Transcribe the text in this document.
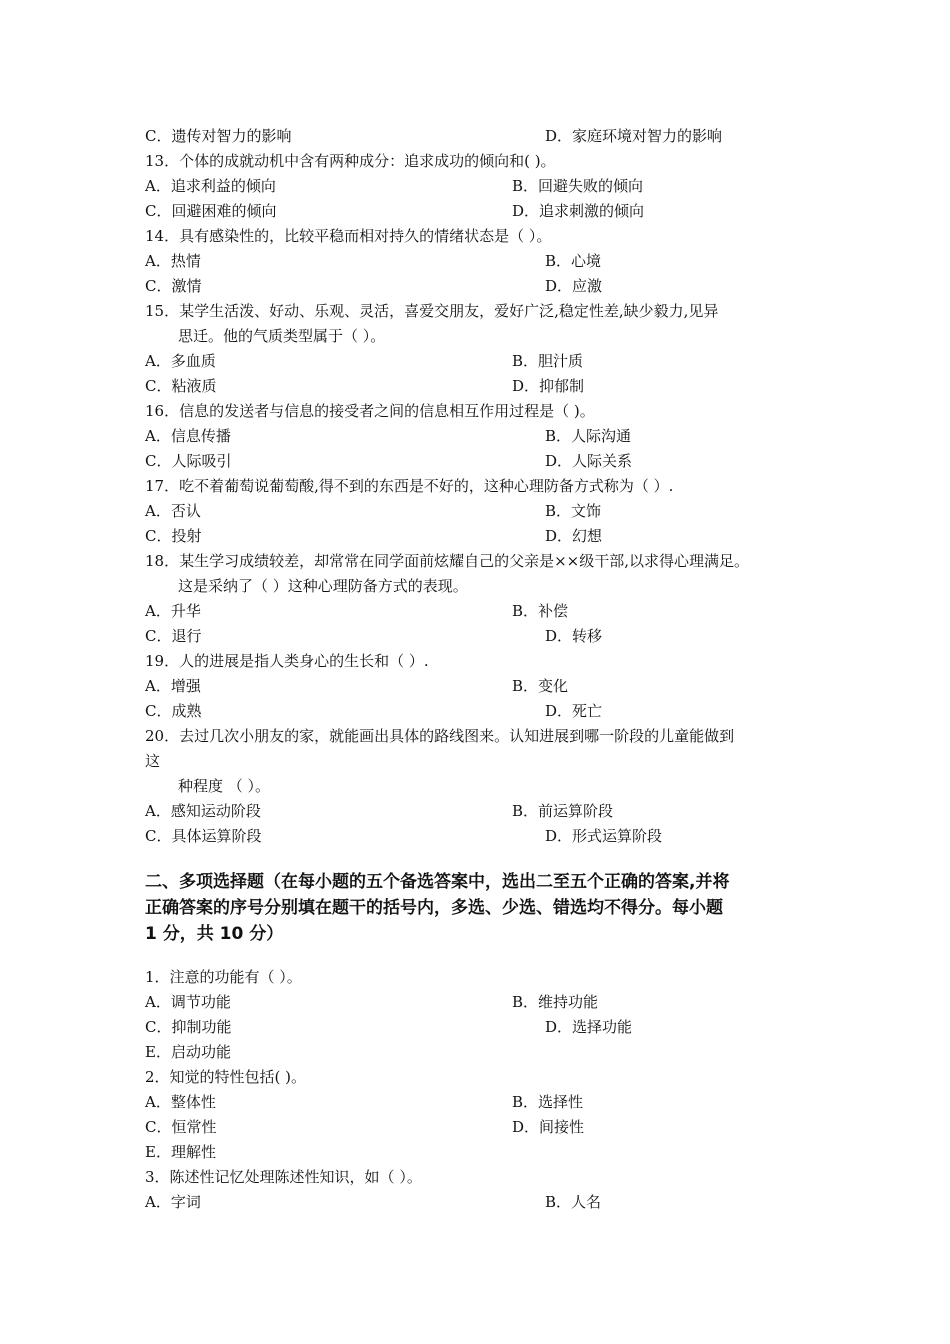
C．遗传对智力的影响	D．家庭环境对智力的影响
13．个体的成就动机中含有两种成分：追求成功的倾向和( )。
A．追求利益的倾向	B．回避失败的倾向
C．回避困难的倾向	D．追求刺激的倾向
14．具有感染性的，比较平稳而相对持久的情绪状态是（ ）。
A．热情	B．心境
C．激情	D．应激
15．某学生活泼、好动、乐观、灵活，喜爱交朋友，爱好广泛,稳定性差,缺少毅力,见异
思迁。他的气质类型属于（ ）。
A．多血质	B．胆汁质
C．粘液质	D．抑郁制
16．信息的发送者与信息的接受者之间的信息相互作用过程是（ )。
A．信息传播	B．人际沟通
C．人际吸引	D．人际关系
17．吃不着葡萄说葡萄酸,得不到的东西是不好的，这种心理防备方式称为（ ）.
A．否认	B．文饰
C．投射	D．幻想
18．某生学习成绩较差，却常常在同学面前炫耀自己的父亲是××级干部,以求得心理满足。
这是采纳了（ ）这种心理防备方式的表现。
A．升华	B．补偿
C．退行	D．转移
19．人的进展是指人类身心的生长和（ ）.
A．增强	B．变化
C．成熟	D．死亡
20．去过几次小朋友的家，就能画出具体的路线图来。认知进展到哪一阶段的儿童能做到
这
种程度 （ ）。
A．感知运动阶段	B．前运算阶段
C．具体运算阶段	D．形式运算阶段
二、多项选择题（在每小题的五个备选答案中，选出二至五个正确的答案,并将
正确答案的序号分别填在题干的括号内，多选、少选、错选均不得分。每小题
1 分，共 10 分）
1．注意的功能有（ ）。
A．调节功能	B．维持功能
C．抑制功能	D．选择功能
E．启动功能
2．知觉的特性包括( )。
A．整体性	B．选择性
C．恒常性	D．间接性
E．理解性
3．陈述性记忆处理陈述性知识，如（ ）。
A．字词	B．人名
